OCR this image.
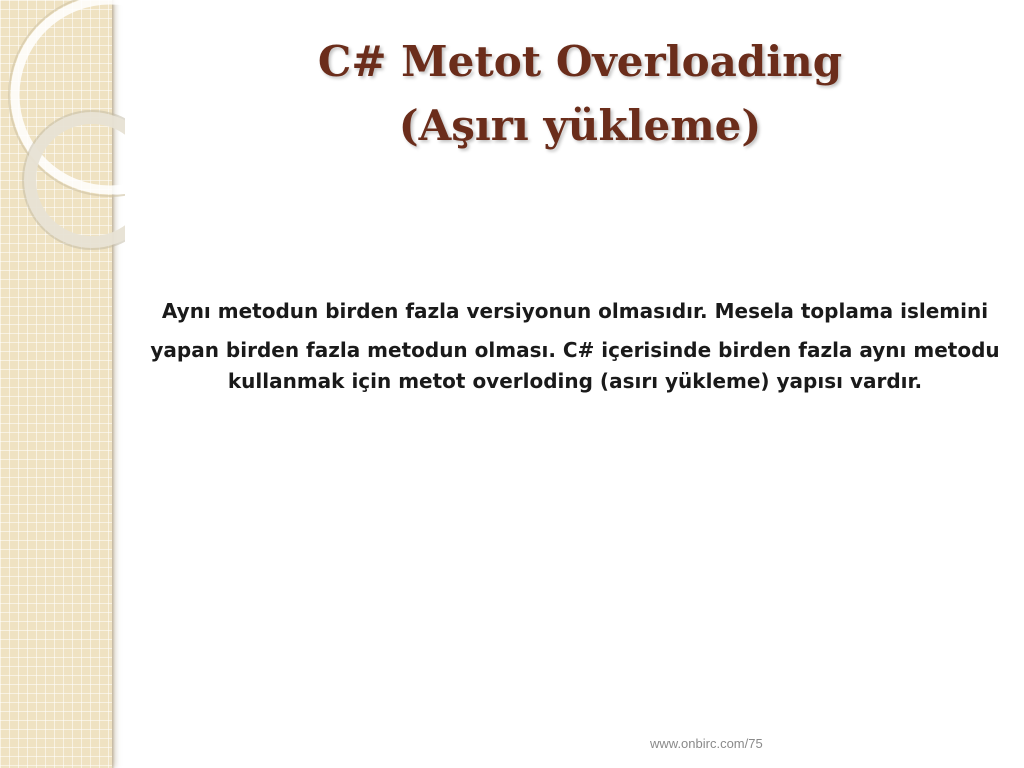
C# Metot Overloading
(Aşırı yükleme)

Aynı metodun birden fazla versiyonun olmasıdır. Mesela toplama islemini

yapan birden fazla metodun olması. C# içerisinde birden fazla aynı metodu kullanmak için metot overloding (asırı yükleme) yapısı vardır.

www.onbirc.com/75
